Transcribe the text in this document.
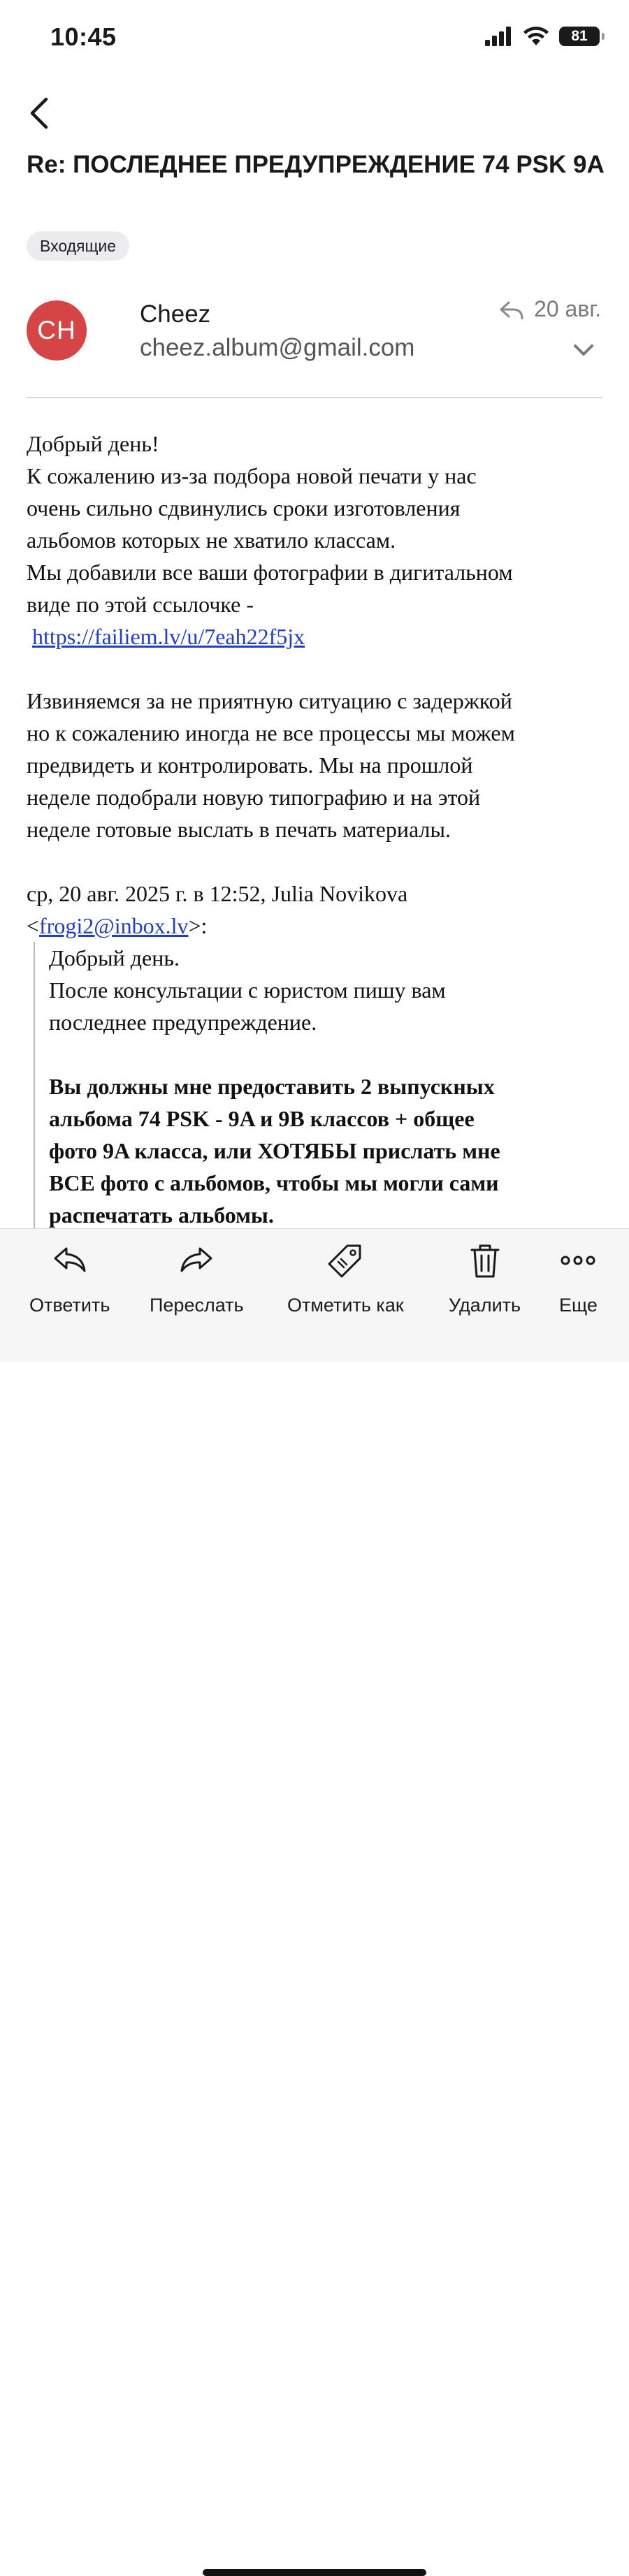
10:45	81
Re: ПОСЛЕДНЕЕ ПРЕДУПРЕЖДЕНИЕ 74 PSK 9A
Входящие
CH
Cheez
cheez.album@gmail.com
20 авг.

Добрый день!

К сожалению из-за подбора новой печати у нас

очень сильно сдвинулись сроки изготовления

альбомов которых не хватило классам.

Мы добавили все ваши фотографии в дигитальном

виде по этой ссылочке -

https://failiem.lv/u/7eah22f5jx

Извиняемся за не приятную ситуацию с задержкой

но к сожалению иногда не все процессы мы можем

предвидеть и контролировать. Мы на прошлой

неделе подобрали новую типографию и на этой

неделе готовые выслать в печать материалы.

ср, 20 авг. 2025 г. в 12:52, Julia Novikova

<frogi2@inbox.lv>:

Добрый день.

После консультации с юристом пишу вам

последнее предупреждение.

Вы должны мне предоставить 2 выпускных

альбома 74 PSK - 9A и 9B классов + общее

фото 9A класса, или ХОТЯБЫ прислать мне

ВСЕ фото с альбомов, чтобы мы могли сами

распечатать альбомы.

Ответить Переслать Отметить как Удалить Еще
